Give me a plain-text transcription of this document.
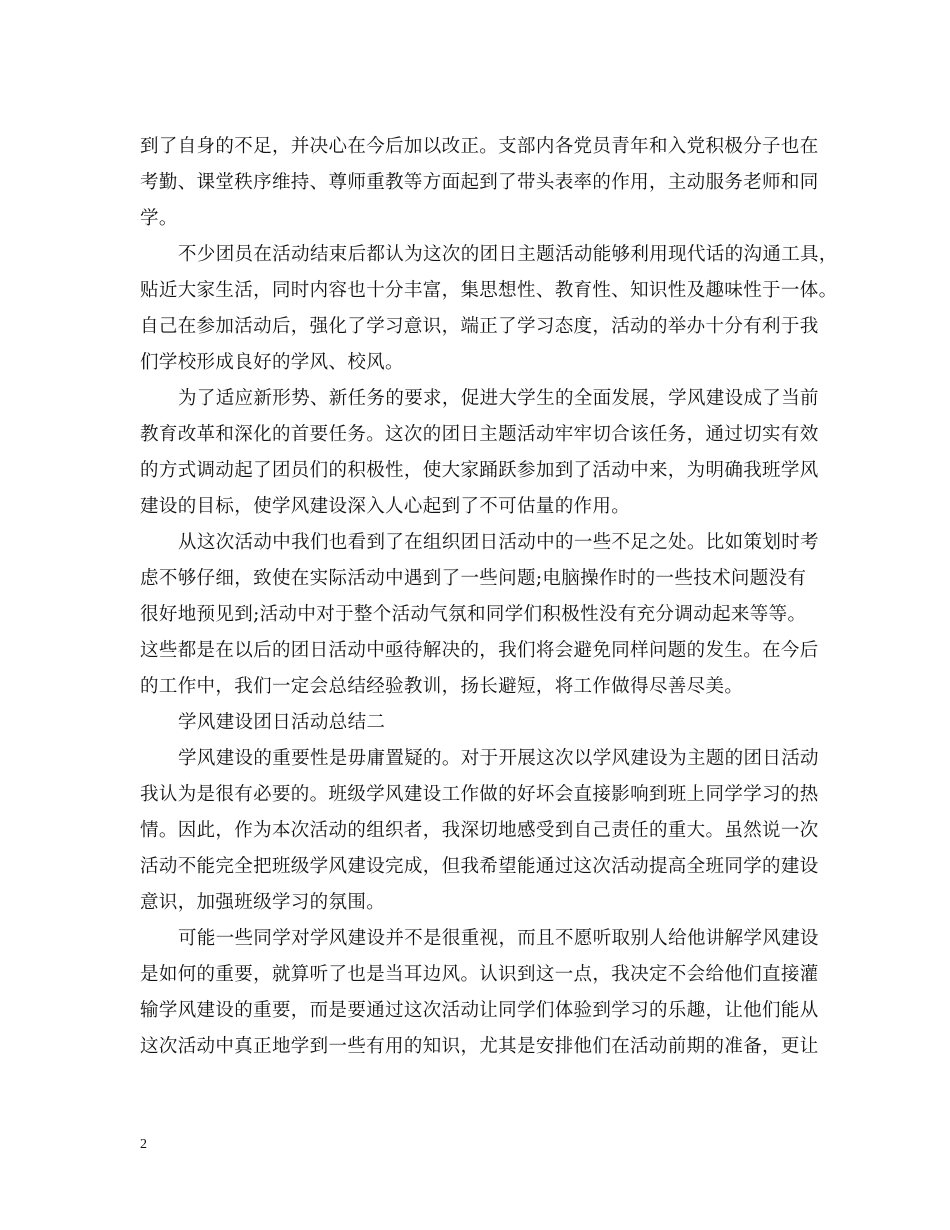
到了自身的不足，并决心在今后加以改正。支部内各党员青年和入党积极分子也在
考勤、课堂秩序维持、尊师重教等方面起到了带头表率的作用，主动服务老师和同
学。
不少团员在活动结束后都认为这次的团日主题活动能够利用现代话的沟通工具，
贴近大家生活，同时内容也十分丰富，集思想性、教育性、知识性及趣味性于一体。
自己在参加活动后，强化了学习意识，端正了学习态度，活动的举办十分有利于我
们学校形成良好的学风、校风。
为了适应新形势、新任务的要求，促进大学生的全面发展，学风建设成了当前
教育改革和深化的首要任务。这次的团日主题活动牢牢切合该任务，通过切实有效
的方式调动起了团员们的积极性，使大家踊跃参加到了活动中来，为明确我班学风
建设的目标，使学风建设深入人心起到了不可估量的作用。
从这次活动中我们也看到了在组织团日活动中的一些不足之处。比如策划时考
虑不够仔细，致使在实际活动中遇到了一些问题;电脑操作时的一些技术问题没有
很好地预见到;活动中对于整个活动气氛和同学们积极性没有充分调动起来等等。
这些都是在以后的团日活动中亟待解决的，我们将会避免同样问题的发生。在今后
的工作中，我们一定会总结经验教训，扬长避短，将工作做得尽善尽美。
学风建设团日活动总结二
学风建设的重要性是毋庸置疑的。对于开展这次以学风建设为主题的团日活动
我认为是很有必要的。班级学风建设工作做的好坏会直接影响到班上同学学习的热
情。因此，作为本次活动的组织者，我深切地感受到自己责任的重大。虽然说一次
活动不能完全把班级学风建设完成，但我希望能通过这次活动提高全班同学的建设
意识，加强班级学习的氛围。
可能一些同学对学风建设并不是很重视，而且不愿听取别人给他讲解学风建设
是如何的重要，就算听了也是当耳边风。认识到这一点，我决定不会给他们直接灌
输学风建设的重要，而是要通过这次活动让同学们体验到学习的乐趣，让他们能从
这次活动中真正地学到一些有用的知识，尤其是安排他们在活动前期的准备，更让
2
